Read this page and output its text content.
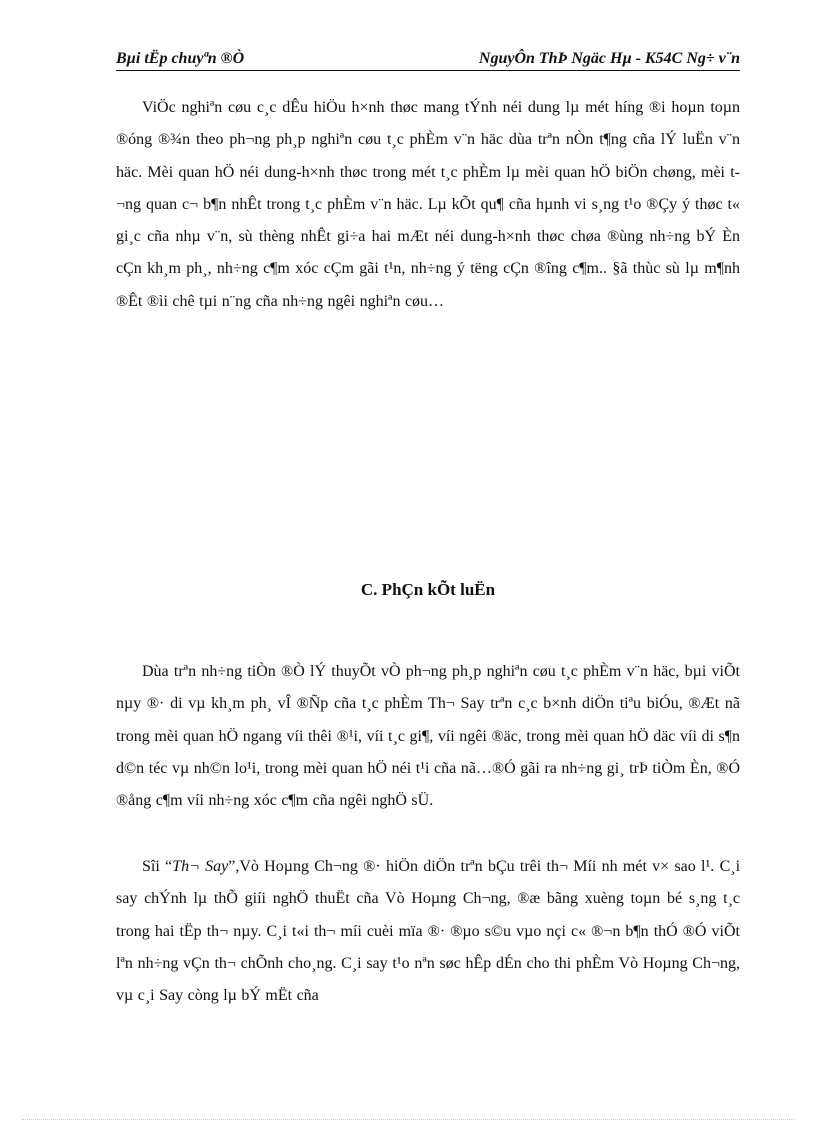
Bµi tËp chuyªn ®Ò	NguyÔn ThÞ Ngäc Hµ - K54C Ng÷ v¨n

ViÖc nghiªn cøu c¸c dÊu hiÖu h×nh thøc mang tÝnh néi dung lµ mét híng ®i hoµn toµn ®óng ®¾n theo ph¬ng ph¸p nghiªn cøu t¸c phÈm v¨n häc dùa trªn nÒn t¶ng cña lÝ luËn v¨n häc. Mèi quan hÖ néi dung-h×nh thøc trong mét t¸c phÈm lµ mèi quan hÖ biÖn chøng, mèi t¬ng quan c¬ b¶n nhÊt trong t¸c phÈm v¨n häc. Lµ kÕt qu¶ cña hµnh vi s¸ng t¹o ®Çy ý thøc t« gi¸c cña nhµ v¨n, sù thèng nhÊt gi÷a hai mÆt néi dung-h×nh thøc chøa ®ùng nh÷ng bÝ Èn cÇn kh¸m ph¸, nh÷ng c¶m xóc cÇm gãi t¹n, nh÷ng ý tëng cÇn ®îng c¶m.. §ã thùc sù lµ m¶nh ®Êt ®ìi chê tµi n¨ng cña nh÷ng ngêi nghiªn cøu…

C. PhÇn kÕt luËn

Dùa trªn nh÷ng tiÒn ®Ò lÝ thuyÕt vÒ ph¬ng ph¸p nghiªn cøu t¸c phÈm v¨n häc, bµi viÕt nµy ®· di vµ kh¸m ph¸ vÎ ®Ñp cña t¸c phÈm Th¬ Say trªn c¸c b×nh diÖn tiªu biÓu, ®Æt nã trong mèi quan hÖ ngang víi thêi ®¹i, víi t¸c gi¶, víi ngêi ®äc, trong mèi quan hÖ däc víi di s¶n d©n téc vµ nh©n lo¹i, trong mèi quan hÖ néi t¹i cña nã…®Ó gãi ra nh÷ng gi¸ trÞ tiÒm Èn, ®Ó ®ång c¶m víi nh÷ng xóc c¶m cña ngêi nghÖ sÜ.

Sîi “Th¬ Say”,Vò Hoµng Ch¬ng ®· hiÖn diÖn trªn bÇu trêi th¬ Míi nh mét v× sao l¹. C¸i say chÝnh lµ thÕ giíi nghÖ thuËt cña Vò Hoµng Ch¬ng, ®æ bãng xuèng toµn bé s¸ng t¸c trong hai tËp th¬ nµy. C¸i t«i th¬ míi cuèi mïa ®· ®µo s©u vµo nçi c« ®¬n b¶n thÓ ®Ó viÕt lªn nh÷ng vÇn th¬ chÕnh cho¸ng. C¸i say t¹o nªn søc hÊp dÉn cho thi phÈm Vò Hoµng Ch¬ng, vµ c¸i Say còng lµ bÝ mËt cña
